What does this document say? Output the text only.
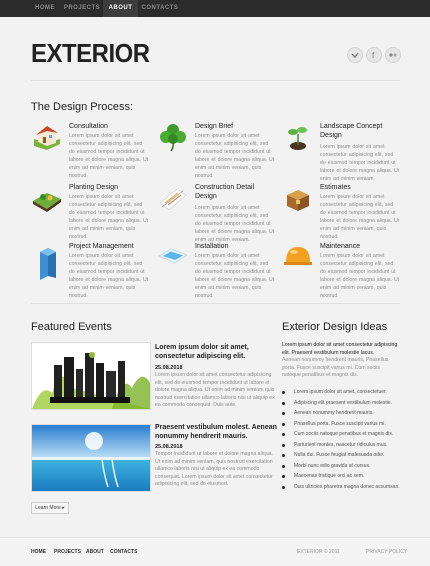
HOME	PROJECTS	ABOUT	CONTACTS
EXTERIOR	f
The Design Process:
Consultation
Lorem ipsum dolor sit amet consectetur adipisicing elit, sed do eiusmod tempor incididunt ut labore et dolore magna aliqua. Ut enim ad minim veniam, quis nostrud.
Design Brief
Lorem ipsum dolor sit amet consectetur adipisicing elit, sed do eiusmod tempor incididunt ut labore et dolore magna aliqua. Ut enim ad minim veniam, quis nostrud.
Landscape Concept Design
Lorem ipsum dolor sit amet consectetur adipisicing elit, sed do eiusmod tempor incididunt ut labore et dolore magna aliqua. Ut enim ad minim veniam.
Planting Design
Lorem ipsum dolor sit amet consectetur adipisicing elit, sed do eiusmod tempor incididunt ut labore et dolore magna aliqua. Ut enim ad minim veniam, quis nostrud.
Construction Detail Design
Lorem ipsum dolor sit amet consectetur adipisicing elit, sed do eiusmod tempor incididunt ut labore et dolore magna aliqua. Ut enim ad minim veniam.
Estimates
Lorem ipsum dolor sit amet consectetur adipisicing elit, sed do eiusmod tempor incididunt ut labore et dolore magna aliqua. Ut enim ad minim veniam, quis nostrud.
Project Management
Lorem ipsum dolor sit amet consectetur adipisicing elit, sed do eiusmod tempor incididunt ut labore et dolore magna aliqua. Ut enim ad minim veniam, quis nostrud.
Installation
Lorem ipsum dolor sit amet consectetur adipisicing elit, sed do eiusmod tempor incididunt ut labore et dolore magna aliqua. Ut enim ad minim veniam, quis nostrud.
Maintenance
Lorem ipsum dolor sit amet consectetur adipisicing elit, sed do eiusmod tempor incididunt ut labore et dolore magna aliqua. Ut enim ad minim veniam, quis nostrud.
Featured Events
Lorem ipsum dolor sit amet, consectetur adipiscing elit.
25.08.2018
Lorem ipsum dolor sit amet consectetur adipisicing elit, sed do eiusmod tempor incididunt ut labore et dolore magna aliqua. Ut enim ad minim veniam quis nostrud exercitation ullamco laboris nisi ut aliquip ex ea commodo consequat. Duis aute.
Praesent vestibulum molest. Aenean nonummy hendrerit mauris.
25.08.2018
Tempor incididunt ut labore et dolore magna aliqua. Ut enim ad minim veniam, quis nostrud exercitation ullamco laboris nisi ut aliquip ex ea commodo consequat. Lorem ipsum dolor sit amet consectetur adipisicing elit, sed do eiusmod.
Learn More ▸
Exterior Design Ideas
Lorem ipsum dolor sit amet consectetur adipiscing elit. Praesent vestibulum molestie lacus.
Aenean nonummy hendrerit mauris. Phasellus porta. Fusce suscipit varius mi. Cum sociis natoque penatibus et magnis dis.
Lorem ipsum dolor sit amet, consectetuer.
Adipiscing elit praesent vestibulum molestie.
Aenean nonummy hendrerit mauris.
Phasellus porta. Fusce suscipit varius mi.
Cum sociis natoque penatibus et magnis dis.
Parturient montes, nascetur ridiculus mus.
Nulla dui. Fusce feugiat malesuada odio.
Morbi nunc odio gravida at cursus.
Maecenas tristique orci ac sem.
Duis ultricies pharetra magna donec accumsan.
HOME PROJECTS ABOUT CONTACTS	EXTERIOR © 2011	PRIVACY POLICY
